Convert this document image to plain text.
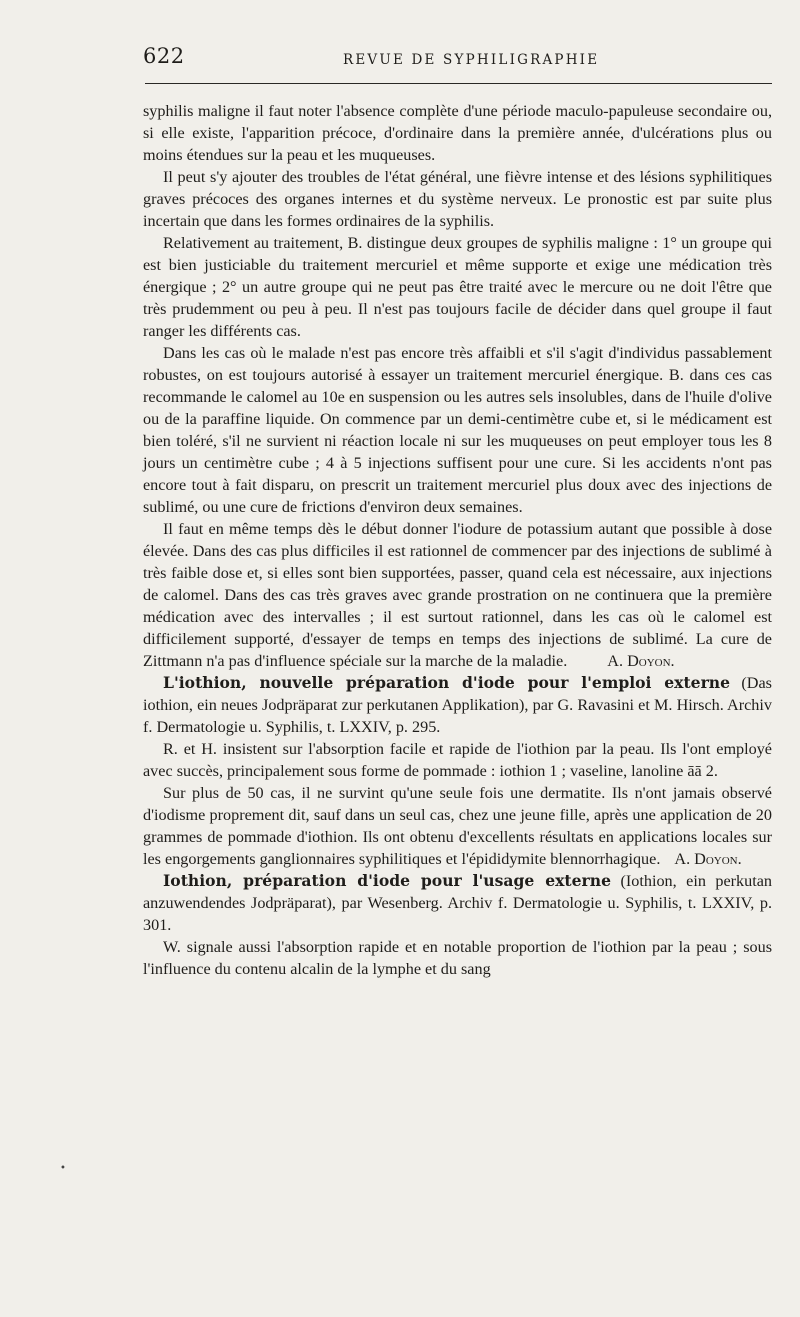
622	REVUE DE SYPHILIGRAPHIE

syphilis maligne il faut noter l'absence complète d'une période maculo-papuleuse secondaire ou, si elle existe, l'apparition précoce, d'ordinaire dans la première année, d'ulcérations plus ou moins étendues sur la peau et les muqueuses.

Il peut s'y ajouter des troubles de l'état général, une fièvre intense et des lésions syphilitiques graves précoces des organes internes et du système nerveux. Le pronostic est par suite plus incertain que dans les formes ordinaires de la syphilis.

Relativement au traitement, B. distingue deux groupes de syphilis maligne : 1° un groupe qui est bien justiciable du traitement mercuriel et même supporte et exige une médication très énergique ; 2° un autre groupe qui ne peut pas être traité avec le mercure ou ne doit l'être que très prudemment ou peu à peu. Il n'est pas toujours facile de décider dans quel groupe il faut ranger les différents cas.

Dans les cas où le malade n'est pas encore très affaibli et s'il s'agit d'individus passablement robustes, on est toujours autorisé à essayer un traitement mercuriel énergique. B. dans ces cas recommande le calomel au 10e en suspension ou les autres sels insolubles, dans de l'huile d'olive ou de la paraffine liquide. On commence par un demi-centimètre cube et, si le médicament est bien toléré, s'il ne survient ni réaction locale ni sur les muqueuses on peut employer tous les 8 jours un centimètre cube ; 4 à 5 injections suffisent pour une cure. Si les accidents n'ont pas encore tout à fait disparu, on prescrit un traitement mercuriel plus doux avec des injections de sublimé, ou une cure de frictions d'environ deux semaines.

Il faut en même temps dès le début donner l'iodure de potassium autant que possible à dose élevée. Dans des cas plus difficiles il est rationnel de commencer par des injections de sublimé à très faible dose et, si elles sont bien supportées, passer, quand cela est nécessaire, aux injections de calomel. Dans des cas très graves avec grande prostration on ne continuera que la première médication avec des intervalles ; il est surtout rationnel, dans les cas où le calomel est difficilement supporté, d'essayer de temps en temps des injections de sublimé. La cure de Zittmann n'a pas d'influence spéciale sur la marche de la maladie. A. Doyon.

L'iothion, nouvelle préparation d'iode pour l'emploi externe (Das iothion, ein neues Jodpräparat zur perkutanen Applikation), par G. Ravasini et M. Hirsch. Archiv f. Dermatologie u. Syphilis, t. LXXIV, p. 295.

R. et H. insistent sur l'absorption facile et rapide de l'iothion par la peau. Ils l'ont employé avec succès, principalement sous forme de pommade : iothion 1 ; vaseline, lanoline āā 2.

Sur plus de 50 cas, il ne survint qu'une seule fois une dermatite. Ils n'ont jamais observé d'iodisme proprement dit, sauf dans un seul cas, chez une jeune fille, après une application de 20 grammes de pommade d'iothion. Ils ont obtenu d'excellents résultats en applications locales sur les engorgements ganglionnaires syphilitiques et l'épididymite blennorrhagique. A. Doyon.

Iothion, préparation d'iode pour l'usage externe (Iothion, ein perkutan anzuwendendes Jodpräparat), par Wesenberg. Archiv f. Dermatologie u. Syphilis, t. LXXIV, p. 301.

W. signale aussi l'absorption rapide et en notable proportion de l'iothion par la peau ; sous l'influence du contenu alcalin de la lymphe et du sang

•
